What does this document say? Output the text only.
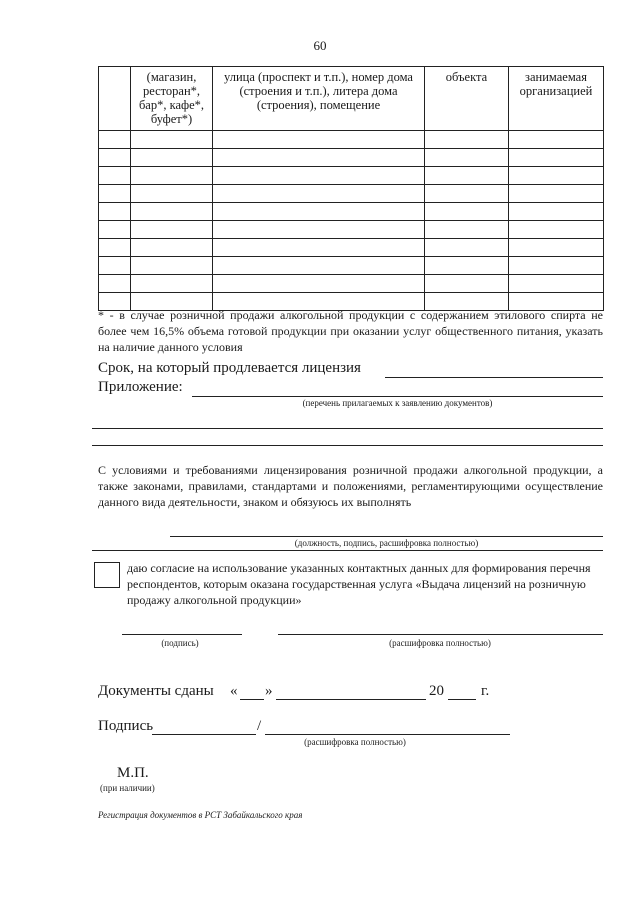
60
	(магазин, ресторан*, бар*, кафе*, буфет*)	улица (проспект и т.п.), номер дома (строения и т.п.), литера дома (строения), помещение	объекта	занимаемая организацией

* - в случае розничной продажи алкогольной продукции с содержанием этилового спирта не более чем 16,5% объема готовой продукции при оказании услуг общественного питания, указать на наличие данного условия
Срок, на который продлевается лицензия
Приложение:
(перечень прилагаемых к заявлению документов)
С условиями и требованиями лицензирования розничной продажи алкогольной продукции, а также законами, правилами, стандартами и положениями, регламентирующими осуществление данного вида деятельности, знаком и обязуюсь их выполнять
(должность, подпись, расшифровка полностью)
даю согласие на использование указанных контактных данных для формирования перечня респондентов, которым оказана государственная услуга «Выдача лицензий на розничную продажу алкогольной продукции»
(подпись)	(расшифровка полностью)
Документы сданы « »	20 г.
Подпись	/
(расшифровка полностью)
М.П.
(при наличии)
Регистрация документов в РСТ Забайкальского края
